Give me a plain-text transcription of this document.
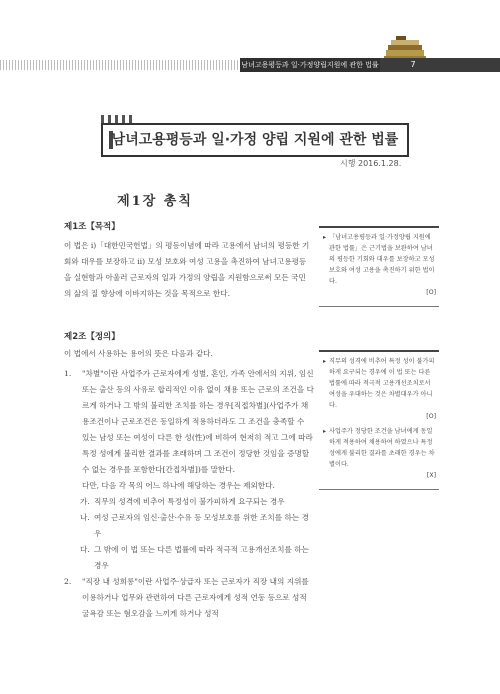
남녀고용평등과 일·가정양립지원에 관한 법률	7
남녀고용평등과 일·가정 양립 지원에 관한 법률
시행 2016.1.28.
제1장 총칙
제1조【목적】
이 법은 ⅰ)「대한민국헌법」의 평등이념에 따라 고용에서 남녀의 평등한 기회와 대우를 보장하고 ⅱ) 모성 보호와 여성 고용을 촉진하여 남녀고용평등을 실현함과 아울러 근로자의 일과 가정의 양립을 지원함으로써 모든 국민의 삶의 질 향상에 이바지하는 것을 목적으로 한다.
제2조【정의】
이 법에서 사용하는 용어의 뜻은 다음과 같다.
1. "차별"이란 사업주가 근로자에게 성별, 혼인, 가족 안에서의 지위, 임신 또는 출산 등의 사유로 합리적인 이유 없이 채용 또는 근로의 조건을 다르게 하거나 그 밖의 불리한 조치를 하는 경우[직접차별](사업주가 채용조건이나 근로조건은 동일하게 적용하더라도 그 조건을 충족할 수 있는 남성 또는 여성이 다른 한 성(性)에 비하여 현저히 적고 그에 따라 특정 성에게 불리한 결과를 초래하며 그 조건이 정당한 것임을 증명할 수 없는 경우를 포함한다[간접차별])를 말한다.
다만, 다음 각 목의 어느 하나에 해당하는 경우는 제외한다.
가. 직무의 성격에 비추어 특정성이 불가피하게 요구되는 경우
나. 여성 근로자의 임신·출산·수유 등 모성보호를 위한 조치를 하는 경우
다. 그 밖에 이 법 또는 다른 법률에 따라 적극적 고용개선조치를 하는 경우
2. "직장 내 성희롱"이란 사업주·상급자 또는 근로자가 직장 내의 지위를 이용하거나 업무와 관련하여 다른 근로자에게 성적 언동 등으로 성적 굴욕감 또는 혐오감을 느끼게 하거나 성적
▸ 「남녀고용평등과 일·가정양립 지원에 관한 법률」은 근기법을 보완하여 남녀의 평등한 기회와 대우를 보장하고 모성보호와 여성 고용을 촉진하기 위한 법이다.
[O]
▸ 직무의 성격에 비추어 특정 성이 불가피하게 요구되는 경우에 이 법 또는 다른 법률에 따라 적극적 고용개선조치로서 여성을 우대하는 것은 차별대우가 아니다.
[O]
▸ 사업주가 정당한 조건을 남녀에게 동일하게 적용하여 채용하여 하였으나 특정 성에게 불리한 결과를 초래한 경우는 차별이다.
[X]
